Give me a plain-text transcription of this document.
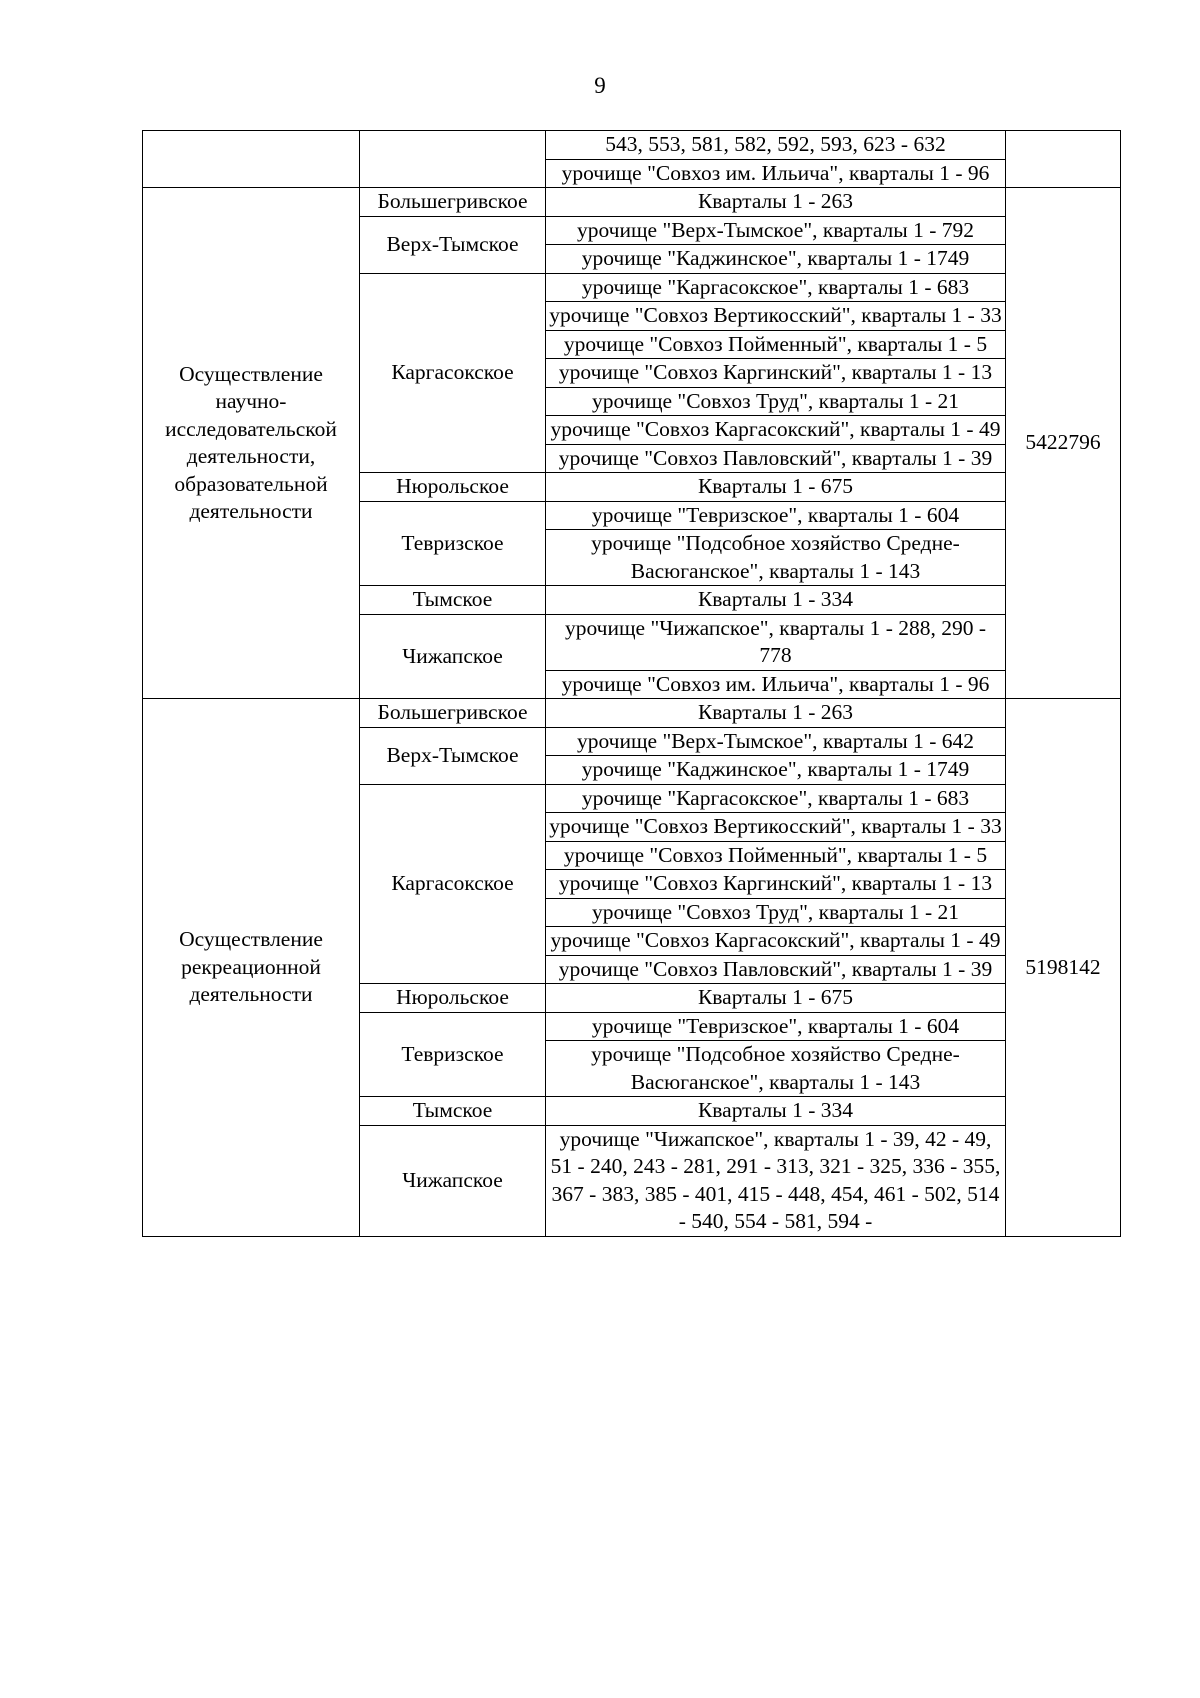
9
		543, 553, 581, 582, 592, 593, 623 - 632	
		урочище "Совхоз им. Ильича", кварталы 1 - 96	
Осуществление научно-исследовательской деятельности, образовательной деятельности	Большегривское	Кварталы 1 - 263	5422796
	Верх-Тымское	урочище "Верх-Тымское", кварталы 1 - 792	
		урочище "Каджинское", кварталы 1 - 1749	
	Каргасокское	урочище "Каргасокское", кварталы 1 - 683	
		урочище "Совхоз Вертикосский", кварталы 1 - 33	
		урочище "Совхоз Пойменный", кварталы 1 - 5	
		урочище "Совхоз Каргинский", кварталы 1 - 13	
		урочище "Совхоз Труд", кварталы 1 - 21	
		урочище "Совхоз Каргасокский", кварталы 1 - 49	
		урочище "Совхоз Павловский", кварталы 1 - 39	
	Нюрольское	Кварталы 1 - 675	
	Тевризское	урочище "Тевризское", кварталы 1 - 604	
		урочище "Подсобное хозяйство Средне-Васюганское", кварталы 1 - 143	
	Тымское	Кварталы 1 - 334	
	Чижапское	урочище "Чижапское", кварталы 1 - 288, 290 - 778	
		урочище "Совхоз им. Ильича", кварталы 1 - 96	
Осуществление рекреационной деятельности	Большегривское	Кварталы 1 - 263	5198142
	Верх-Тымское	урочище "Верх-Тымское", кварталы 1 - 642	
		урочище "Каджинское", кварталы 1 - 1749	
	Каргасокское	урочище "Каргасокское", кварталы 1 - 683	
		урочище "Совхоз Вертикосский", кварталы 1 - 33	
		урочище "Совхоз Пойменный", кварталы 1 - 5	
		урочище "Совхоз Каргинский", кварталы 1 - 13	
		урочище "Совхоз Труд", кварталы 1 - 21	
		урочище "Совхоз Каргасокский", кварталы 1 - 49	
		урочище "Совхоз Павловский", кварталы 1 - 39	
	Нюрольское	Кварталы 1 - 675	
	Тевризское	урочище "Тевризское", кварталы 1 - 604	
		урочище "Подсобное хозяйство Средне-Васюганское", кварталы 1 - 143	
	Тымское	Кварталы 1 - 334	
	Чижапское	урочище "Чижапское", кварталы 1 - 39, 42 - 49, 51 - 240, 243 - 281, 291 - 313, 321 - 325, 336 - 355, 367 - 383, 385 - 401, 415 - 448, 454, 461 - 502, 514 - 540, 554 - 581, 594 -	
